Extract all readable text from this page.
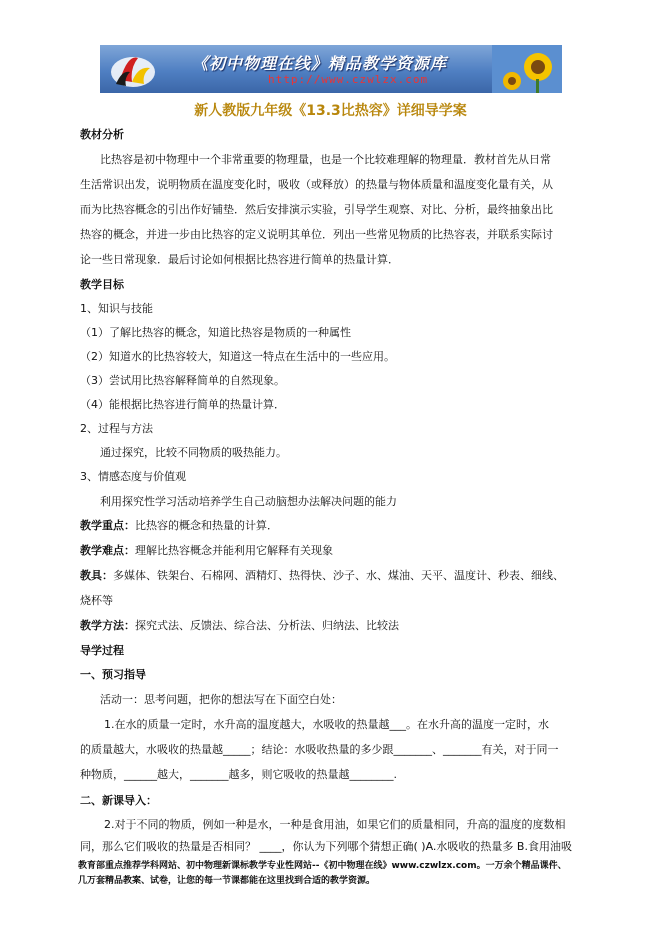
《初中物理在线》精品教学资源库
http://www.czwlzx.com
新人教版九年级《13.3比热容》详细导学案
教材分析
比热容是初中物理中一个非常重要的物理量，也是一个比较难理解的物理量．教材首先从日常
生活常识出发，说明物质在温度变化时，吸收（或释放）的热量与物体质量和温度变化量有关，从
而为比热容概念的引出作好铺垫．然后安排演示实验，引导学生观察、对比、分析，最终抽象出比
热容的概念，并进一步由比热容的定义说明其单位．列出一些常见物质的比热容表，并联系实际讨
论一些日常现象．最后讨论如何根据比热容进行简单的热量计算．
教学目标
1、知识与技能
（1）了解比热容的概念，知道比热容是物质的一种属性
（2）知道水的比热容较大，知道这一特点在生活中的一些应用。
（3）尝试用比热容解释简单的自然现象。
（4）能根据比热容进行简单的热量计算．
2、过程与方法
通过探究，比较不同物质的吸热能力。
3、情感态度与价值观
利用探究性学习活动培养学生自己动脑想办法解决问题的能力
教学重点：比热容的概念和热量的计算．
教学难点：理解比热容概念并能利用它解释有关现象
教具：多媒体、铁架台、石棉网、酒精灯、热得快、沙子、水、煤油、天平、温度计、秒表、细线、
烧杯等
教学方法：探究式法、反馈法、综合法、分析法、归纳法、比较法
导学过程
一、预习指导
活动一：思考问题，把你的想法写在下面空白处：
1.在水的质量一定时，水升高的温度越大，水吸收的热量越___。在水升高的温度一定时，水
的质量越大，水吸收的热量越_____；结论：水吸收热量的多少跟_______、_______有关，对于同一
种物质，______越大，_______越多，则它吸收的热量越________.
二、新课导入：
2.对于不同的物质，例如一种是水，一种是食用油，如果它们的质量相同，升高的温度的度数相
同，那么它们吸收的热量是否相同？ ____，你认为下列哪个猜想正确( )A.水吸收的热量多 B.食用油吸
教育部重点推荐学科网站、初中物理新课标教学专业性网站--《初中物理在线》www.czwlzx.com。一万余个精品课件、
几万套精品教案、试卷，让您的每一节课都能在这里找到合适的教学资源。
